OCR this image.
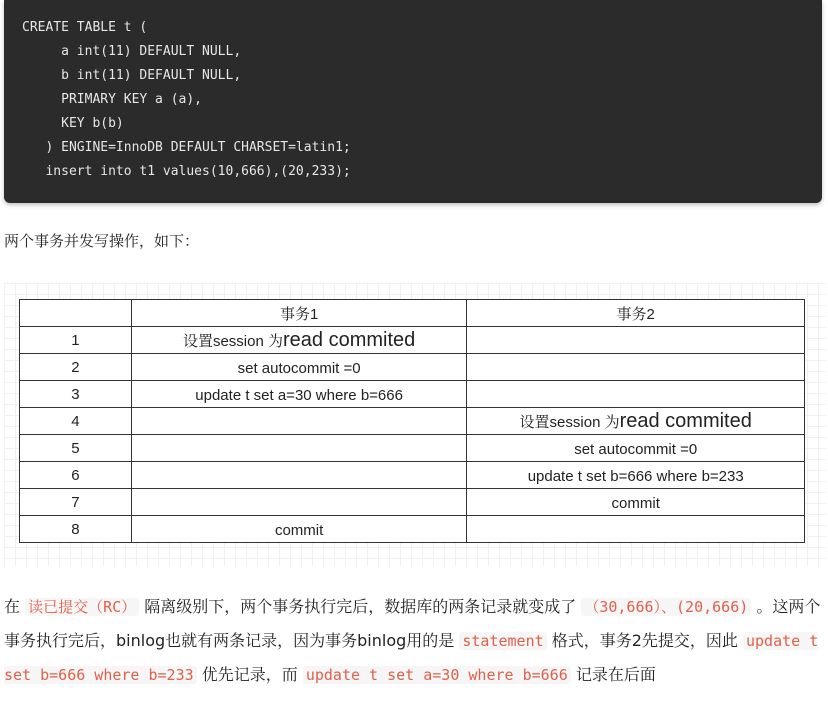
CREATE TABLE t (
a int(11) DEFAULT NULL,
b int(11) DEFAULT NULL,
PRIMARY KEY a (a),
KEY b(b)
) ENGINE=InnoDB DEFAULT CHARSET=latin1;
insert into t1 values(10,666),(20,233);
两个事务并发写操作，如下：
	事务1	事务2
1	设置session 为read commited	
2	set autocommit =0	
3	update t set a=30 where b=666	
4		设置session 为read commited
5		set autocommit =0
6		update t set b=666 where b=233
7		commit
8	commit	
在 读已提交（RC） 隔离级别下，两个事务执行完后，数据库的两条记录就变成了 （30,666）、(20,666) 。这两个事务执行完后，binlog也就有两条记录，因为事务binlog用的是 statement 格式，事务2先提交，因此 update t set b=666 where b=233 优先记录，而 update t set a=30 where b=666 记录在后面
